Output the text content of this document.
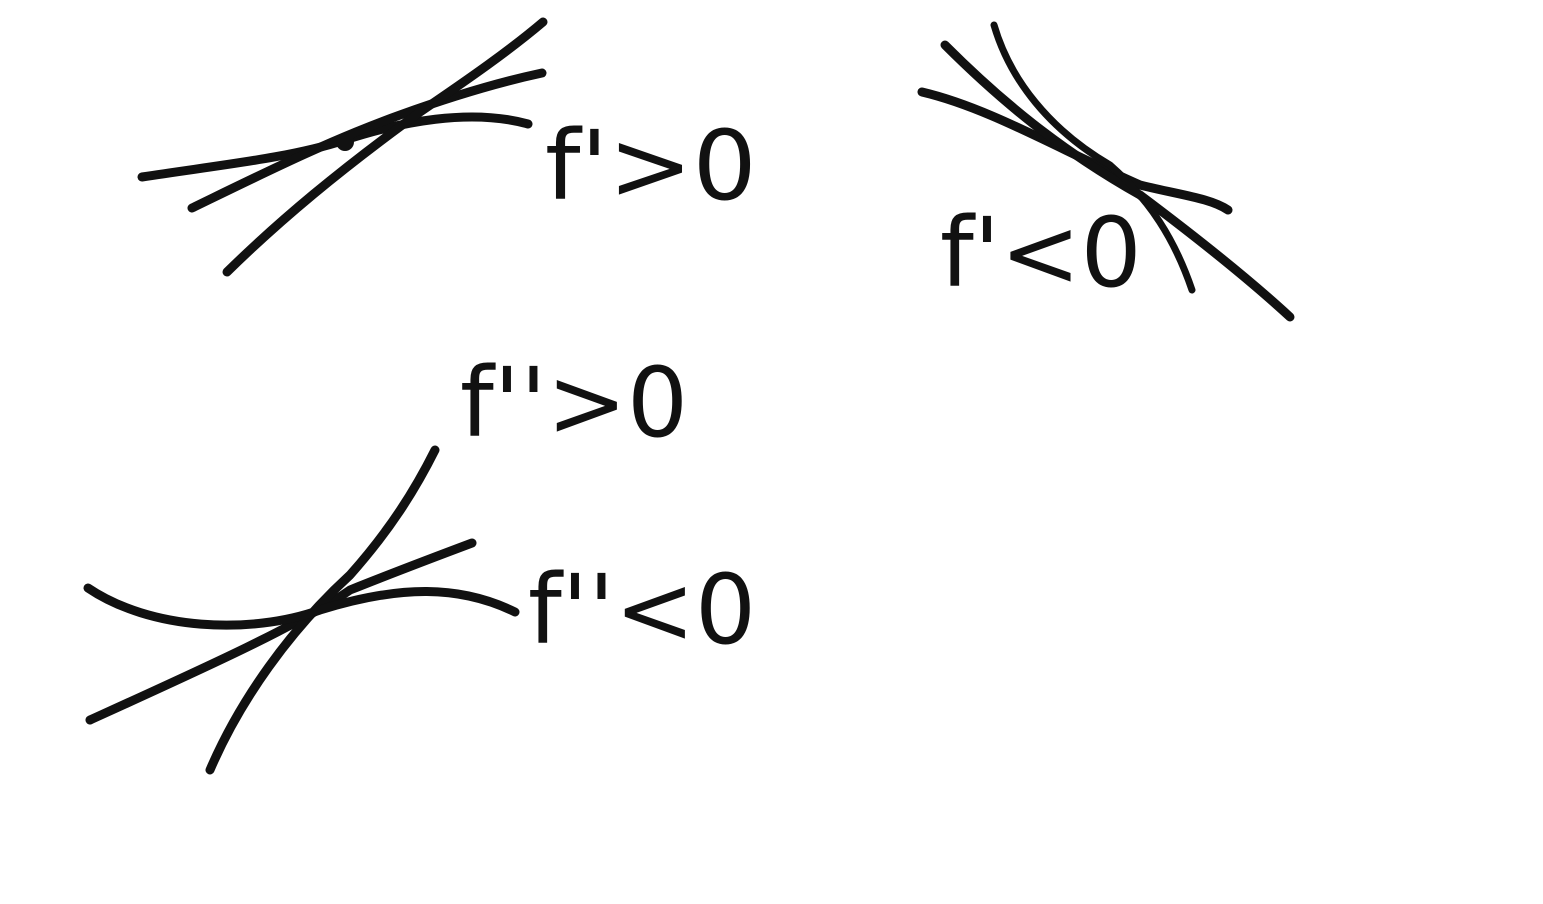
f'>0
f'<0
f''>0
f''<0
